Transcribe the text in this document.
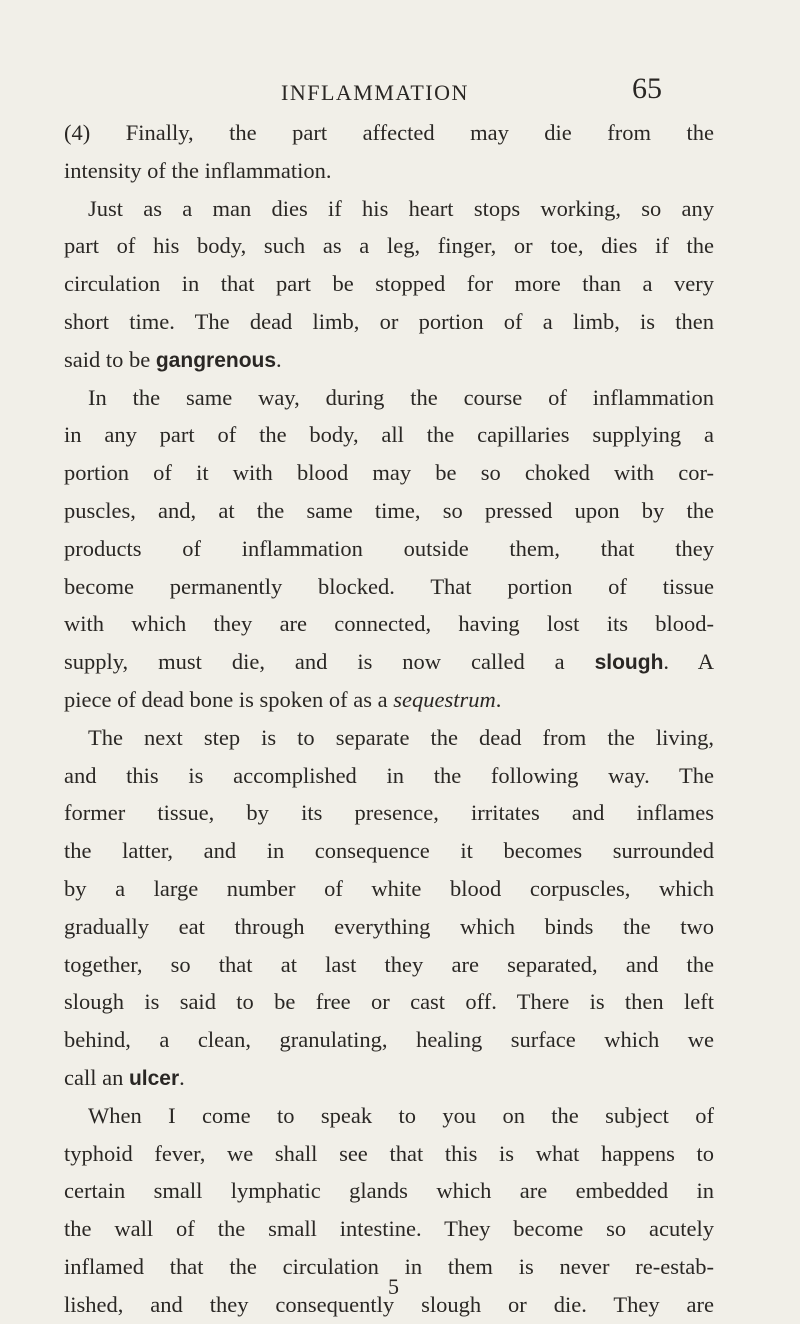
INFLAMMATION	65
(4) Finally, the part affected may die from the
intensity of the inflammation.
Just as a man dies if his heart stops working, so any
part of his body, such as a leg, finger, or toe, dies if the
circulation in that part be stopped for more than a very
short time. The dead limb, or portion of a limb, is then
said to be gangrenous.
In the same way, during the course of inflammation
in any part of the body, all the capillaries supplying a
portion of it with blood may be so choked with cor-
puscles, and, at the same time, so pressed upon by the
products of inflammation outside them, that they
become permanently blocked. That portion of tissue
with which they are connected, having lost its blood-
supply, must die, and is now called a slough. A
piece of dead bone is spoken of as a sequestrum.
The next step is to separate the dead from the living,
and this is accomplished in the following way. The
former tissue, by its presence, irritates and inflames
the latter, and in consequence it becomes surrounded
by a large number of white blood corpuscles, which
gradually eat through everything which binds the two
together, so that at last they are separated, and the
slough is said to be free or cast off. There is then left
behind, a clean, granulating, healing surface which we
call an ulcer.
When I come to speak to you on the subject of
typhoid fever, we shall see that this is what happens to
certain small lymphatic glands which are embedded in
the wall of the small intestine. They become so acutely
inflamed that the circulation in them is never re-estab-
lished, and they consequently slough or die. They are
5
